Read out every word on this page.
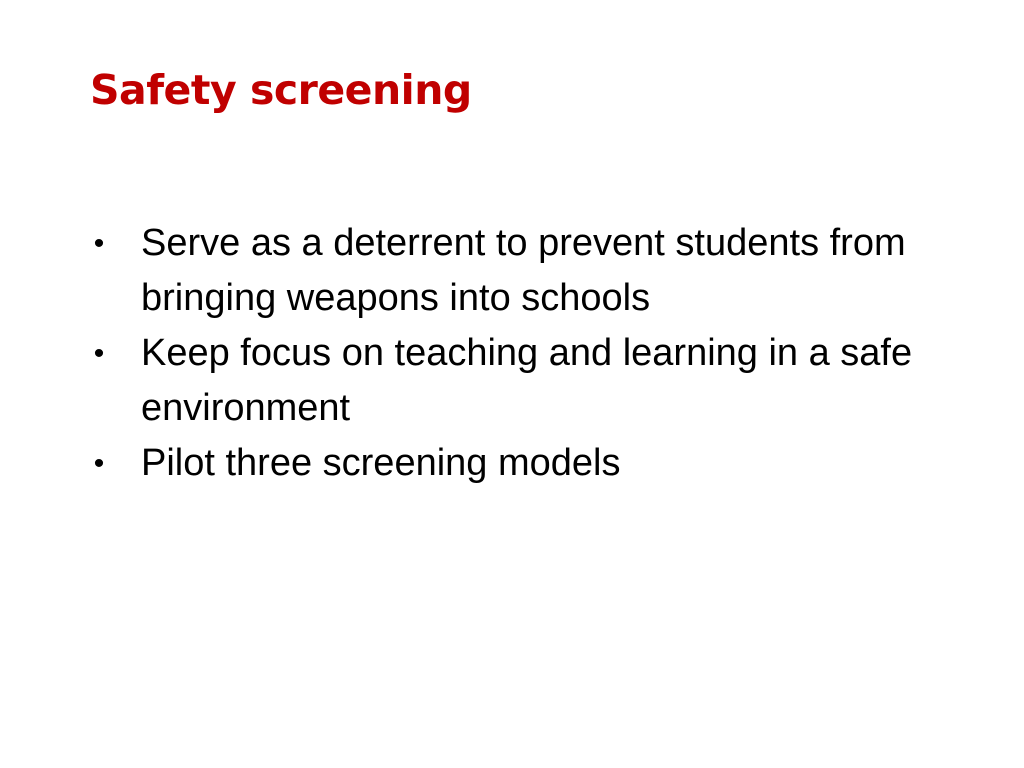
Safety screening
• Serve as a deterrent to prevent students from bringing weapons into schools
• Keep focus on teaching and learning in a safe environment
• Pilot three screening models
